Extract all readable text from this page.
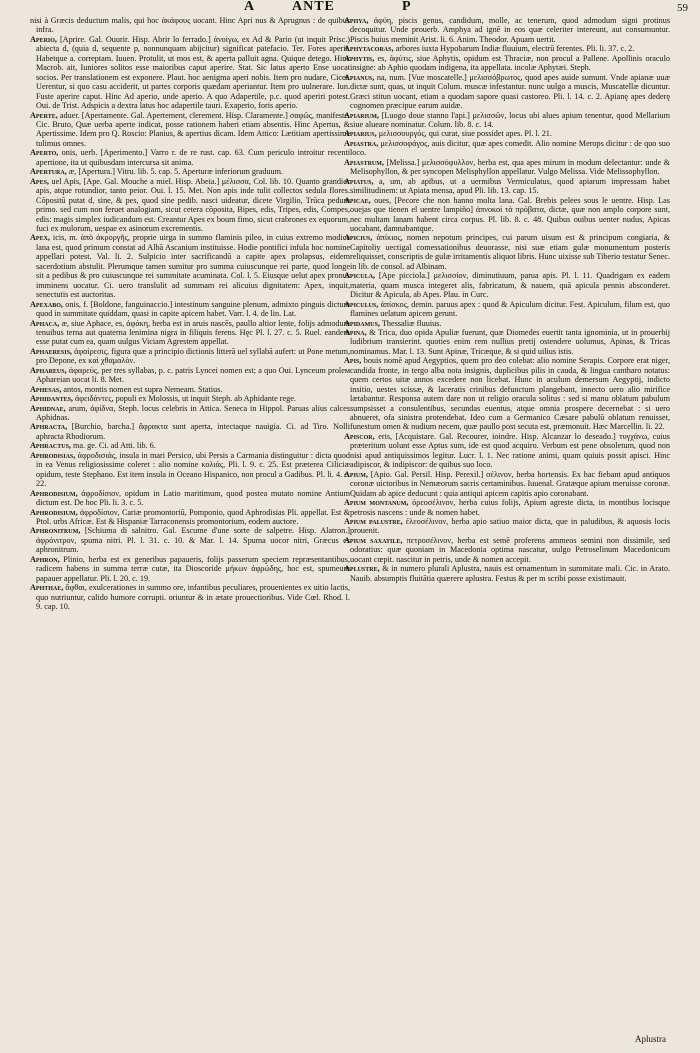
A	ANTE	P	59

nisi à Græcis deductum malis, qui hoc ἀκάφους uocant. Hinc Apri nus & Aprugnus : de quibus infra.

Aperio, [Aprire. Gal. Ouurir. Hisp. Abrir lo ferrado.] ἀνοίγω, ex Ad & Pario (ut inquit Prisc.) abiecta d, (quia d, sequente p, nonnunquam abijcitur) significat patefacio. Ter. Fores aperit. Habetque a. correptam. Iuuen. Protulit, ut mos est, & aperta palluit agna. Quique detego. Hinc Macrob. ait, Iuniores solitos esse maioribus caput aperire. Stat. Sic latus aperto Ense uocat socios. Per translationem est exponere. Plaut. hoc aenigma aperi nobis. Item pro nudare, Cicer. Uerentur, si quo casu acciderit, ut partes corporis quædam aperiantur. Item pro uulnerare. Iun. Fuste aperire caput. Hinc Ad aperio, unde aperio. A quo Adapertile, p.c. quod aperiri potest. Oui. de Trist. Adspicis a dextra latus hoc adapertile tauri. Exaperio, foris aperio.

Aperte, aduer. [Apertamente. Gal. Apertement, clerement. Hisp. Claramente.] σαφῶς, manifeste. Cic. Bruto, Quæ uerba aperte indicat, posse rationem haberi etiam absentis. Hinc Apertus, & Apertissime. Idem pro Q. Roscio: Planius, & apertius dicam. Idem Attico: Lætitiam apertissime tulimus omnes.

Aperto, onis, uerb. [Aperimento.] Varro r. de re rust. cap. 63. Cum periculo introitur recenti apertione, ita ut quibusdam intercursa sit anima.

Apertura, æ, [Apertura.] Vitru. lib. 5. cap. 5. Aperturæ inferiorum graduum.

Apes, uel Apis, [Ape. Gal. Mouche a miel. Hisp. Abeia.] μέλισσα, Col. lib. 10. Quanto grandior apis, atque rotundior, tanto peior. Oui. l. 15. Met. Non apis inde tulit collectos sedula flores. Cōpositū putat d, sine, & pes, quod sine pedib. nasci uideatur, dicete Virgilio, Trūca pedum primo. sed cum non feruet analogiam, sicut cetera cōposita, Bipes, edis, Tripes, edis, Compes, edis: magis simplex iudicandum est. Creantur Apes ex boum fimo, sicut crabrones ex equorum, fuci ex mulorum, uespae ex asinorum excrementis.

Apex, icis, m. ἀπὸ ἀκροργῆς, proprie uirga in summo flaminis pileo, in cuius extremo modica lana est, quod primum constat ad Albā Ascanium instituisse. Hodie pontifici infula hoc nomine appellari potest. Val. li. 2. Sulpicio inter sacrificandū a capite apex prolapsus, eidem sacerdotium abstulit. Plerumque tamen sumitur pro summa cuiuscunque rei parte, quod longe sit a pedibus & pro cuiuscunque rei summitate acuminata. Col. l. 5. Eiusque uelut apex pronus imminens uocatur. Ci. uero translulit ad summam rei alicuius dignitatem: Apex, inquit, senectutis est auctoritas.

Apexabo, onis, f. [Boldone, fanguinaccio.] intestinum sanguine plenum, admixto pinguis dictum quod in summitate quiddam, quasi in capite apicem habet. Varr. l. 4. de lin. Lat.

Aphaca, æ, siue Aphace, es, ἀφάκη, herba est in aruis nascēs, paullo altior lente, folijs admodum tenuibus terna aut quaterna lenimina nigra in filiquis ferens. Hęc Pl. l. 27. c. 5. Ruel. eandem esse putat cum ea, quam uulgus Viciam Agrestem appellat.

Aphaeresis, ἀφαίρεσις, figura quæ a principio dictionis litterā uel syllabā aufert: ut Pone metum, pro Depone, ex καὶ χθαμαλὸν.

Aphareus, ἀφαρεύς, per tres syllabas, p. c. patris Lyncei nomen est; a quo Oui. Lynceum proleм Aphareian uocat li. 8. Met.

Aphesas, antos, montis nomen est supra Nemeam. Statius.

Aphidantes, ἀφειδάντες, populi ex Molossis, ut inquit Steph. ab Aphidante rege.

Aphidnae, arum, ἀφίδνα, Steph. locus celebris in Attica. Seneca in Hippol. Paruas alius calces Aphidnas.

Aphracta, [Burchio, barcha.] ἄφρακτα sunt aperta, intectaque nauigia. Ci. ad Tiro. Nolli aphracta Rhodiorum.

Aphractus, ma. ge. Ci. ad Atti. lib. 6.

Aphrodisias, ἀφροδισιάς, insula in mari Persico, ubi Persis a Carmania distinguitur : dicta quod in ea Venus religiosissime coleret : alio nomine κολιάς, Pli. l. 9. c. 25. Est præterea Ciliciæ opidum, teste Stephano. Est item insula in Oceano Hispanico, non procul a Gadibus. Pl. li. 4. c. 22.

Aphrodisium, ἀφροδίσιον, opidum in Latio maritimum, quod postea mutato nomine Antium dictum est. De hoc Pli. li. 3. c. 5.

Aphrodisium, ἀφροδίσιον, Cariæ promontoriū, Pomponio, quod Aphrodisias Pli. appellat. Est & Ptol. urbs Africæ. Est & Hispaniæ Tarraconensis promontorium, eodem auctore.

Aphronitrum, [Schiuma di salnitro. Gal. Escume d'une sorte de salpetre. Hisp. Alatron.] ἀφρόνιτρον, spuma nitri. Pl. l. 31. c. 10. & Mar. l. 14. Spuma uocor nitri, Græcus es aphronitrum.

Aphron, Plinio, herba est ex generibus papaueris, folijs passerum speciem repræsentantibus, radicem habens in summa terræ cutæ, ita Dioscoride μήκων ἀφρώδης, hoc est, spumeum papauer appellatur. Pli. l. 20. c. 19.

Aphthae, ἄφθαι, exulcerationes in summo ore, infantibus peculiares, prouenientes ex uitio lactis, quo nutriuntur, calido humore corrupti. oriuntur & in ætate prouectioribus. Vide Cœl. Rhod. l. 9. cap. 10.

Aphya, ἀφύη, piscis genus, candidum, molle, ac tenerum, quod admodum signi protinus decoquitur. Unde prouerb. Amphya ad ignē in eos quæ celeriter intereunt, aut consumuntur. Piscis huius meminit Arist. li. 6. Anim. Theodor. Apuam uertit.

Aphytacoras, arbores iuxta Hypobarum Indiæ fluuium, electrū ferentes. Pli. li. 37. c. 2.

Aphytis, es, ἀφύτις, siue Aphytis, opidum est Thraciæ, non procul a Pallene. Apollinis oraculo insigne: ab Aphio quodam indigena, ita appellata. incolæ Aphytæi. Steph.

Apianus, na, num. [Vue moscatelle.] μελισσόβρωτος, quod apes auide sumunt. Vnde apianæ uuæ dictæ sunt, quas, ut inquit Colum. muscæ infestantur. nunc uulgo a muscis, Muscatellæ dicuntur. Græci stitun uocant, etiam a quodam sapore quasi castoreo. Pli. l. 14. c. 2. Apianę apes dederę cognomen præcipue earum auidæ.

Apiarium, [Luogo doue stanno l'api.] μελισσῶν, locus ubi alues apium tenentur, quod Mellarium siue alueare nominatur. Colum. lib. 8. c. 14.

Apiarius, μελισσουργός, qui curat, siue possidet apes. Pl. l. 21.

Apiastra, μελισσοφάγος, auis dicitur, quæ apes comedit. Alio nomine Merops dicitur : de quo suo loco.

Apiastrum, [Melissa.] μελισσόφυλλον, herba est, qua apes mirum in modum delectantur: unde & Melisophyllon, & per syncopen Melisphyllon appellatur. Vulgo Melissa. Vide Melissophyllon.

Apiatus, a, um, ab apibus, ut a uermibus Vermiculatus, quod apiarum impressam habet similitudinem: ut Apiata mensa, apud Pli. lib. 13. cap. 15.

Apicae, oues, [Pecore che non hanno molta lana. Gal. Brebis pelees sous le uentre. Hisp. Las ouejas que tienen el uentre lampiño] ἀπνοκοὶ τὰ πρόβατα, dictæ, quæ non amplo corpore sunt, nec multam lanam habent circa corpus. Pl. lib. 8. c. 48. Quibus ouibus uenter nudus, Apicas uocabant, damnabantque.

Apicius, ἀπίκιος, nomen nepotum principes, cui parum uisum est & principum congiaria, & Capitoliy uectigal comessationibus deuorasse, nisi suæ etiam gulæ monumentum posteris reliquisset, conscriptis de gulæ irritamentis aliquot libris. Hunc uixisse sub Tiberio testatur Senec. in lib. de consol. ad Albinam.

Apicula, [Ape picciola.] μελισσίον, diminutiuum, parua apis. Pl. l. 11. Quadrigam ex eadem materia, quam musca integeret alis, fabricatum, & nauem, quā apicula pennis absconderet. Dicitur & Apicula, ab Apes. Plau. in Curc.

Apiculus, ἀπίσκος, demin. paruus apex : quod & Apiculum dicitur. Fest. Apiculum, filum est, quo flamines uelatum apicem gerunt.

Apidamus, Thessaliæ fluuius.

Apina, & Trica, duo opida Apuliæ fuerunt, quæ Diomedes euertit tanta ignominia, ut in prouerbij ludibrium transierint. quoties enim rem nullius pretij ostendere uolumus, Apinas, & Tricas nominamus. Mar. l. 13. Sunt Apinæ, Tricæque, & si quid uilius istis.

Apis, bouis nomē apud Aegyptios, quem pro deo colebat: alio nomine Serapis. Corpore erat niger, candida fronte, in tergo alba nota insignis, duplicibus pilis in cauda, & lingua cantharo notatus: quem certos uitæ annos excedere non licebat. Hunc in aculum demersum Aegyptij, indicto insitio, uestes scissæ, & laceratis crinibus defunctum plangebant, innecto uero alio mirifice lætabantur. Responsa autem dare non ut religio oracula solitus : sed si manu oblatum pabulum sumpsisset a consulentibus, secundas euentus, atque omnia prospere decernebat : si uero abnueret, ofa sinistra protendebat. Ideo cum a Germanico Cæsare pabulū oblatum renuisset, funestum omen & nudium necem, quæ paullo post secuta est, præmonuit. Hæc Marcellin. li. 22.

Apiscor, eris, [Acquistare. Gal. Recourer, ioindre. Hisp. Alcanzar lo deseado.] τυγχάνω, cuius præteritum uolunt esse Aptus sum, ide est quod acquiro. Verbum est pene obsoletum, quod non nisi apud antiquissimos legitur. Lucr. l. 1. Nec ratione animi, quam quiuis possit apisci. Hinc adipiscor, & indipiscor: de quibus suo loco.

Apium, [Apio. Gal. Persil. Hisp. Perexil.] σέλινον, herba hortensis. Ex hac fiebant apud antiquos coronæ uictoribus in Nemæorum sacris certaminibus. Iuuenal. Gratæque apium meruisse coronæ. Quidam ab apice deducunt : quia antiqui apicem capitis apio coronabant.

Apium montanum, ὀρεοσέλινον, herba cuius folijs, Apium agreste dicta, in montibus locisque petrosis nascens : unde & nomen habet.

Apium palustre, ἐλεοσέλινον, herba apio satiuo maior dicta, que in paludibus, & aquosis locis prouenit.

Apium saxatile, πετροσέλινον, herba est semē proferens ammeos semini non dissimile, sed odoratius: quæ quoniam in Macedonia optima nascatur, uulgo Petroselinum Macedonicum uocant cœpit. nascitur in petris, unde & nomen accepit.

Aplustre, & in numero plurali Aplustra, nauis est ornamentum in summitate mali. Cic. in Arato. Nauib. absumptis fluitātia quærere aplustra. Festus & per m scribi posse existimauit.

Aplustra
